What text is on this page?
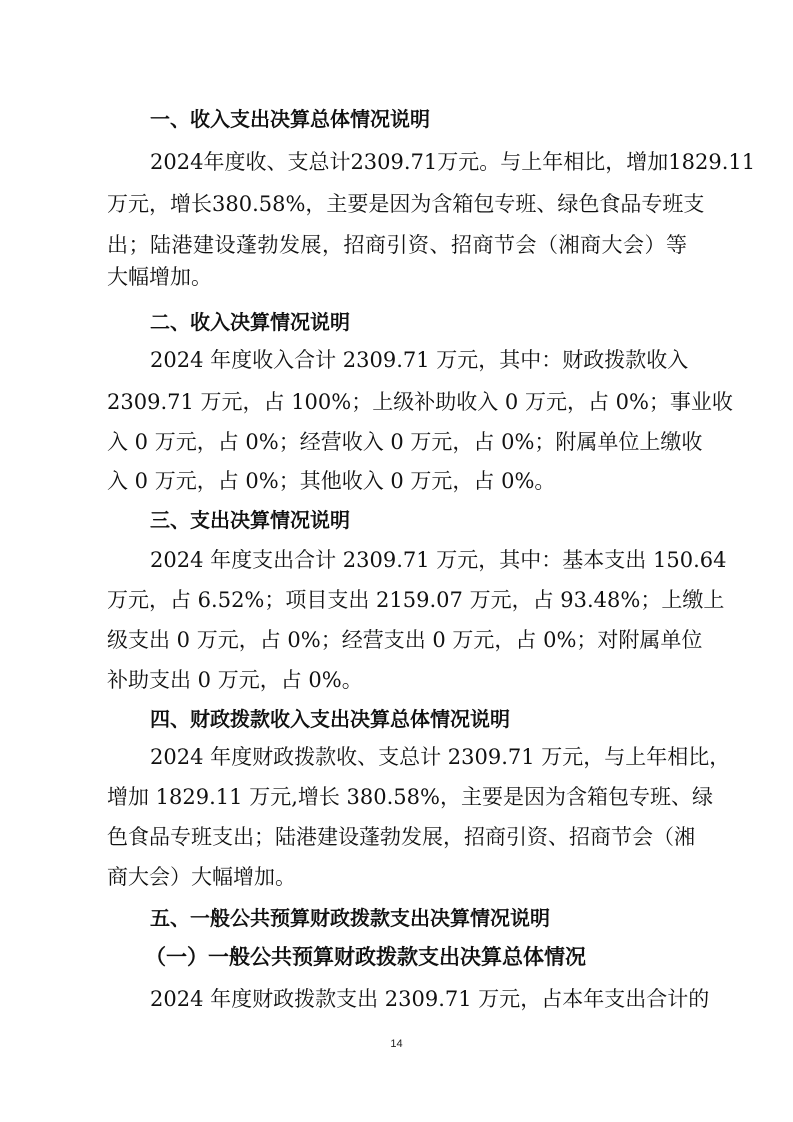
一、收入支出决算总体情况说明
2024年度收、支总计2309.71万元。与上年相比，增加1829.11
万元，增长380.58%，主要是因为含箱包专班、绿色食品专班支
出；陆港建设蓬勃发展，招商引资、招商节会（湘商大会）等
大幅增加。
二、收入决算情况说明
2024 年度收入合计 2309.71 万元，其中：财政拨款收入
2309.71 万元，占 100%；上级补助收入 0 万元，占 0%；事业收
入 0 万元，占 0%；经营收入 0 万元，占 0%；附属单位上缴收
入 0 万元，占 0%；其他收入 0 万元，占 0%。
三、支出决算情况说明
2024 年度支出合计 2309.71 万元，其中：基本支出 150.64
万元，占 6.52%；项目支出 2159.07 万元，占 93.48%；上缴上
级支出 0 万元，占 0%；经营支出 0 万元，占 0%；对附属单位
补助支出 0 万元，占 0%。
四、财政拨款收入支出决算总体情况说明
2024 年度财政拨款收、支总计 2309.71 万元，与上年相比，
增加 1829.11 万元,增长 380.58%，主要是因为含箱包专班、绿
色食品专班支出；陆港建设蓬勃发展，招商引资、招商节会（湘
商大会）大幅增加。
五、一般公共预算财政拨款支出决算情况说明
（一）一般公共预算财政拨款支出决算总体情况
2024 年度财政拨款支出 2309.71 万元，占本年支出合计的
14
